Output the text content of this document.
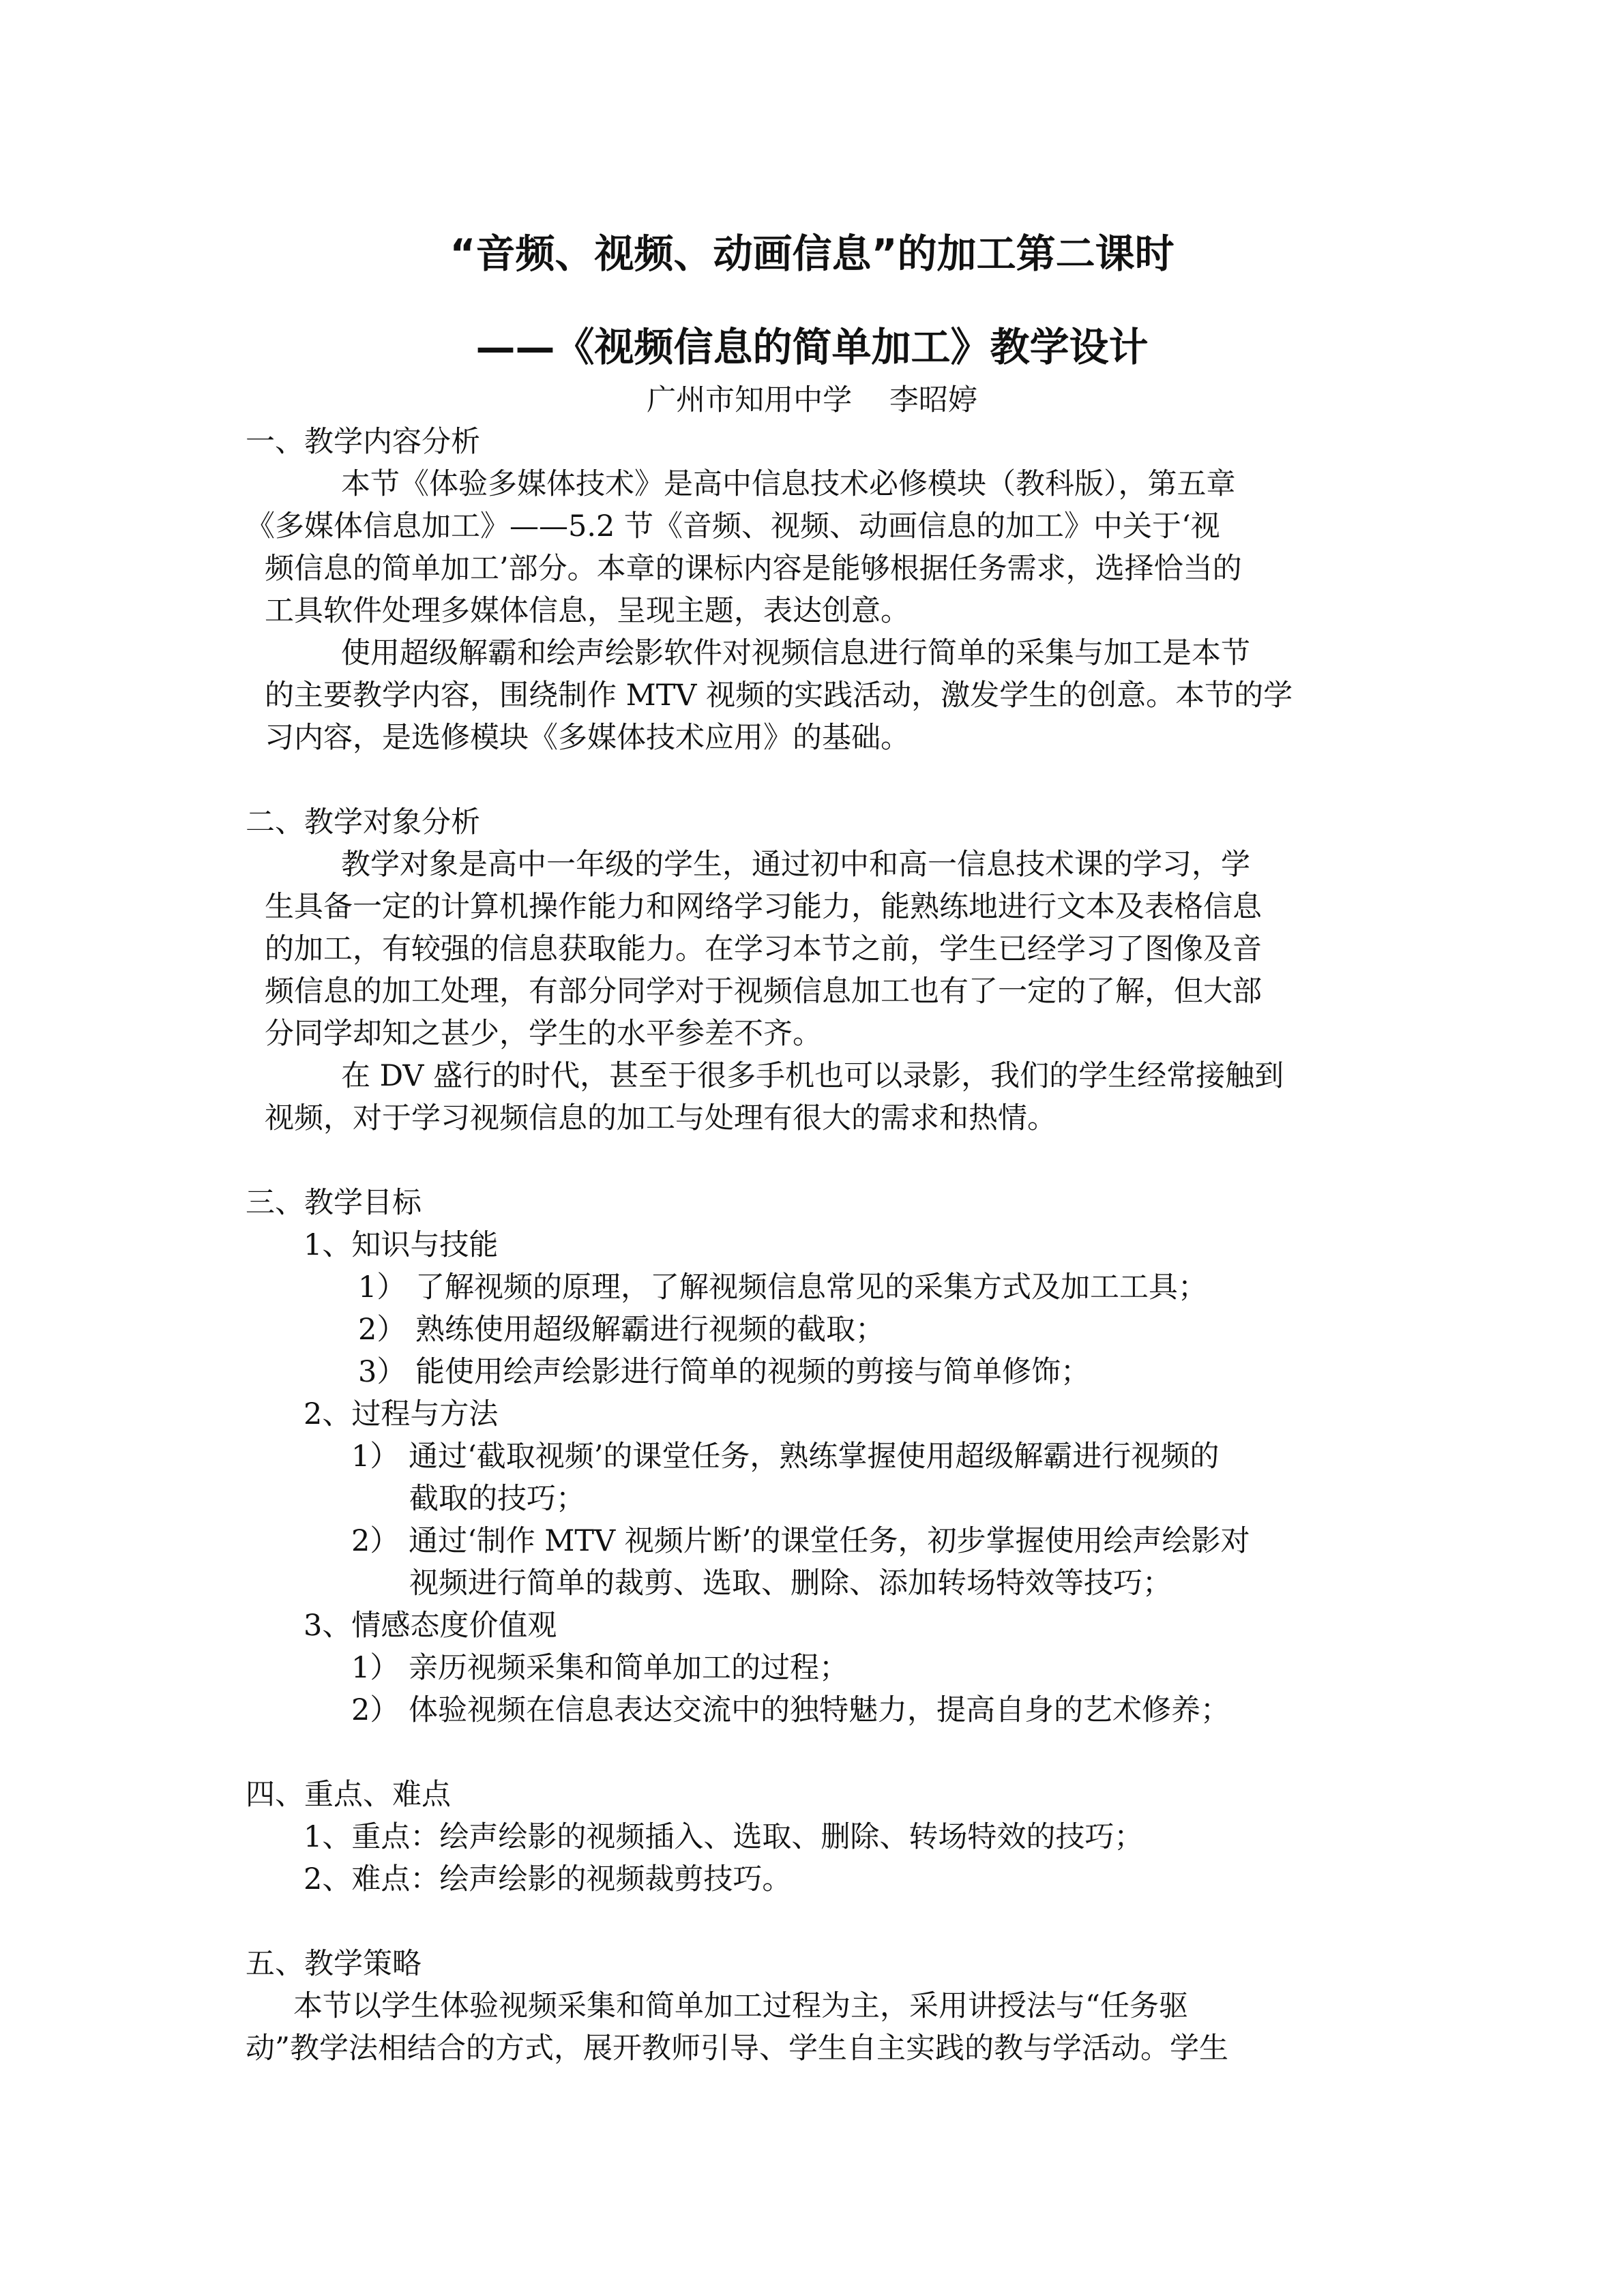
“音频、视频、动画信息”的加工第二课时
——《视频信息的简单加工》教学设计
广州市知用中学    李昭婷
一、教学内容分析
本节《体验多媒体技术》是高中信息技术必修模块（教科版），第五章
《多媒体信息加工》——5.2 节《音频、视频、动画信息的加工》中关于‘视
频信息的简单加工’部分。本章的课标内容是能够根据任务需求，选择恰当的
工具软件处理多媒体信息，呈现主题，表达创意。
使用超级解霸和绘声绘影软件对视频信息进行简单的采集与加工是本节
的主要教学内容，围绕制作 MTV 视频的实践活动，激发学生的创意。本节的学
习内容，是选修模块《多媒体技术应用》的基础。
二、教学对象分析
教学对象是高中一年级的学生，通过初中和高一信息技术课的学习，学
生具备一定的计算机操作能力和网络学习能力，能熟练地进行文本及表格信息
的加工，有较强的信息获取能力。在学习本节之前，学生已经学习了图像及音
频信息的加工处理，有部分同学对于视频信息加工也有了一定的了解，但大部
分同学却知之甚少，学生的水平参差不齐。
在 DV 盛行的时代，甚至于很多手机也可以录影，我们的学生经常接触到
视频，对于学习视频信息的加工与处理有很大的需求和热情。
三、教学目标
1、知识与技能
1） 了解视频的原理，了解视频信息常见的采集方式及加工工具；
2） 熟练使用超级解霸进行视频的截取；
3） 能使用绘声绘影进行简单的视频的剪接与简单修饰；
2、过程与方法
1） 通过‘截取视频’的课堂任务，熟练掌握使用超级解霸进行视频的
截取的技巧；
2） 通过‘制作 MTV 视频片断’的课堂任务，初步掌握使用绘声绘影对
视频进行简单的裁剪、选取、删除、添加转场特效等技巧；
3、情感态度价值观
1） 亲历视频采集和简单加工的过程；
2） 体验视频在信息表达交流中的独特魅力，提高自身的艺术修养；
四、重点、难点
1、重点：绘声绘影的视频插入、选取、删除、转场特效的技巧；
2、难点：绘声绘影的视频裁剪技巧。
五、教学策略
本节以学生体验视频采集和简单加工过程为主，采用讲授法与“任务驱
动”教学法相结合的方式，展开教师引导、学生自主实践的教与学活动。学生
